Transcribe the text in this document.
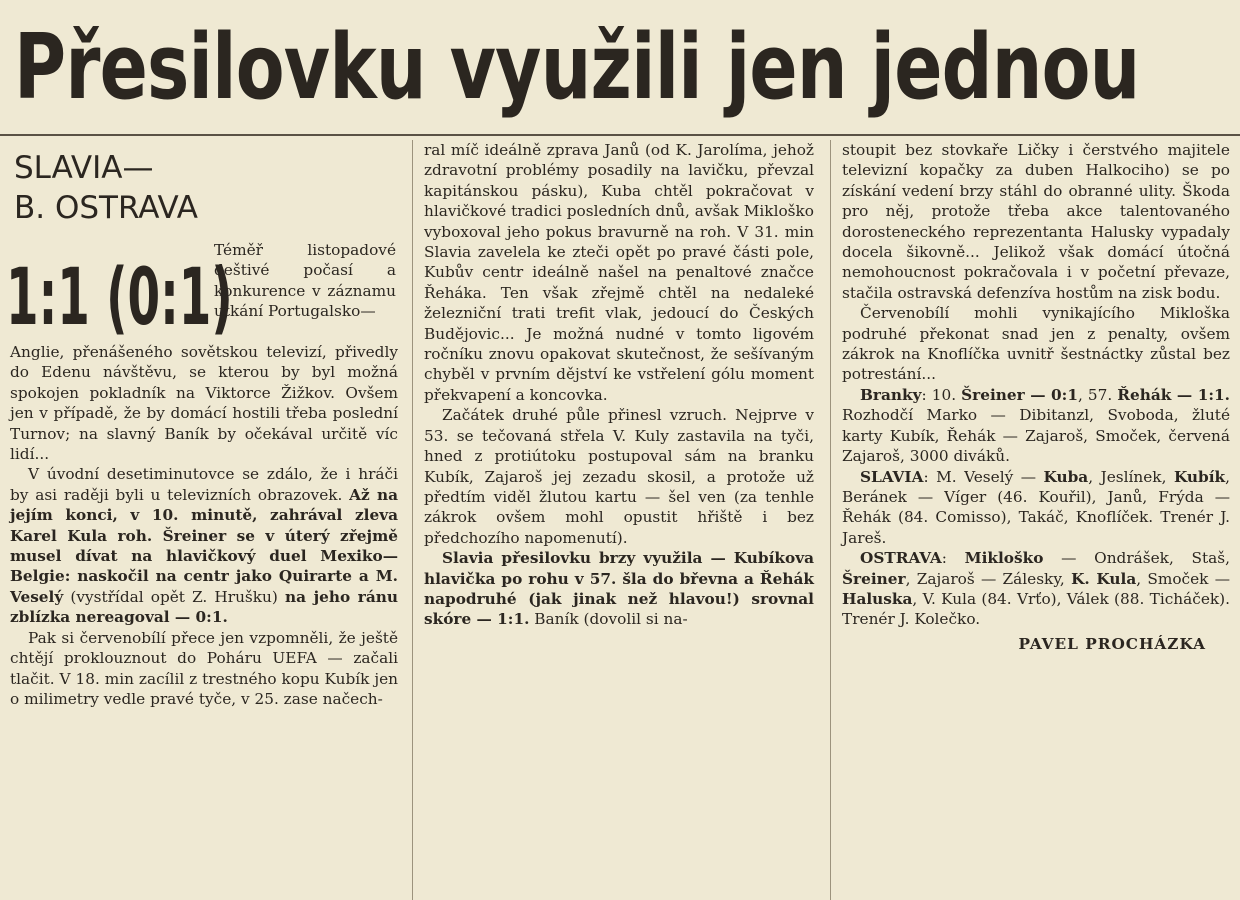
Přesilovku využili jen jednou
SLAVIA—
B. OSTRAVA
1:1 (0:1)
Téměř listopadové deštivé počasí a konkurence v záznamu utkání Portugalsko—

Anglie, přenášeného sovětskou televizí, přivedly do Edenu návštěvu, se kterou by byl možná spokojen pokladník na Viktorce Žižkov. Ovšem jen v případě, že by domácí hostili třeba poslední Turnov; na slavný Baník by očekával určitě víc lidí...

V úvodní desetiminutovce se zdálo, že i hráči by asi raději byli u televizních obrazovek. Až na jejím konci, v 10. minutě, zahrával zleva Karel Kula roh. Šreiner se v úterý zřejmě musel dívat na hlavičkový duel Mexiko—Belgie: naskočil na centr jako Quirarte a M. Veselý (vystřídal opět Z. Hrušku) na jeho ránu zblízka nereagoval — 0:1.

Pak si červenobílí přece jen vzpomněli, že ještě chtějí proklouznout do Poháru UEFA — začali tlačit. V 18. min zacílil z trestného kopu Kubík jen o milimetry vedle pravé tyče, v 25. zase načech-

ral míč ideálně zprava Janů (od K. Jarolíma, jehož zdravotní problémy posadily na lavičku, převzal kapitánskou pásku), Kuba chtěl pokračovat v hlavičkové tradici posledních dnů, avšak Mikloško vyboxoval jeho pokus bravurně na roh. V 31. min Slavia zavelela ke zteči opět po pravé části pole, Kubův centr ideálně našel na penaltové značce Řeháka. Ten však zřejmě chtěl na nedaleké železniční trati trefit vlak, jedoucí do Českých Budějovic... Je možná nudné v tomto ligovém ročníku znovu opakovat skutečnost, že sešívaným chyběl v prvním dějství ke vstřelení gólu moment překvapení a koncovka.

Začátek druhé půle přinesl vzruch. Nejprve v 53. se tečovaná střela V. Kuly zastavila na tyči, hned z protiútoku postupoval sám na branku Kubík, Zajaroš jej zezadu skosil, a protože už předtím viděl žlutou kartu — šel ven (za tenhle zákrok ovšem mohl opustit hřiště i bez předchozího napomenutí).

Slavia přesilovku brzy využila — Kubíkova hlavička po rohu v 57. šla do břevna a Řehák napodruhé (jak jinak než hlavou!) srovnal skóre — 1:1. Baník (dovolil si na-

stoupit bez stovkaře Ličky i čerstvého majitele televizní kopačky za duben Halkociho) se po získání vedení brzy stáhl do obranné ulity. Škoda pro něj, protože třeba akce talentovaného dorosteneckého reprezentanta Halusky vypadaly docela šikovně... Jelikož však domácí útočná nemohoucnost pokračovala i v početní převaze, stačila ostravská defenzíva hostům na zisk bodu.

Červenobílí mohli vynikajícího Mikloška podruhé překonat snad jen z penalty, ovšem zákrok na Knoflíčka uvnitř šestnáctky zůstal bez potrestání...

Branky: 10. Šreiner — 0:1, 57. Řehák — 1:1. Rozhodčí Marko — Dibitanzl, Svoboda, žluté karty Kubík, Řehák — Zajaroš, Smoček, červená Zajaroš, 3000 diváků.

SLAVIA: M. Veselý — Kuba, Jeslínek, Kubík, Beránek — Víger (46. Kouřil), Janů, Frýda — Řehák (84. Comisso), Takáč, Knoflíček. Trenér J. Jareš.

OSTRAVA: Mikloško — Ondrášek, Staš, Šreiner, Zajaroš — Zálesky, K. Kula, Smoček — Haluska, V. Kula (84. Vrťo), Válek (88. Ticháček). Trenér J. Kolečko.

PAVEL PROCHÁZKA
